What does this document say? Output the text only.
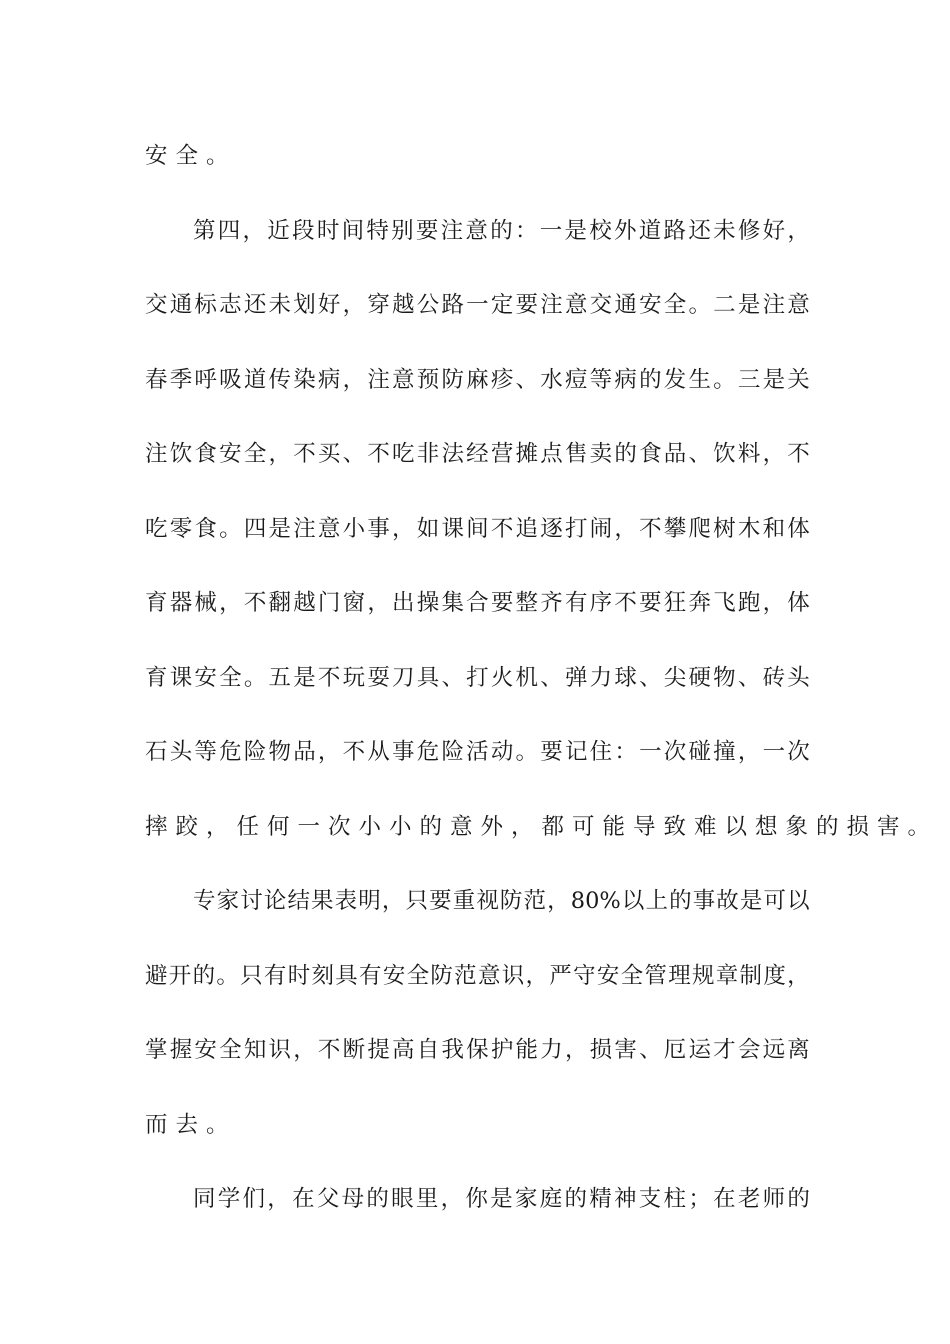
安全。
第 四 ， 近 段 时 间 特 别 要 注 意 的 ： 一 是 校 外 道 路 还 未 修 好 ，
交 通 标 志 还 未 划 好 ， 穿 越 公 路 一 定 要 注 意 交 通 安 全 。 二 是 注 意
春 季 呼 吸 道 传 染 病 ， 注 意 预 防 麻 疹 、 水 痘 等 病 的 发 生 。 三 是 关
注 饮 食 安 全 ， 不 买 、 不 吃 非 法 经 营 摊 点 售 卖 的 食 品 、 饮 料 ， 不
吃 零 食 。 四 是 注 意 小 事 ， 如 课 间 不 追 逐 打 闹 ， 不 攀 爬 树 木 和 体
育 器 械 ， 不 翻 越 门 窗 ， 出 操 集 合 要 整 齐 有 序 不 要 狂 奔 飞 跑 ， 体
育 课 安 全 。 五 是 不 玩 耍 刀 具 、 打 火 机 、 弹 力 球 、 尖 硬 物 、 砖 头
石 头 等 危 险 物 品 ， 不 从 事 危 险 活 动 。 要 记 住 ： 一 次 碰 撞 ， 一 次
摔跤，任何一次小小的意外，都可能导致难以想象的损害。
专 家 讨 论 结 果 表 明 ， 只 要 重 视 防 范 ， 80% 以 上 的 事 故 是 可 以
避 开 的 。 只 有 时 刻 具 有 安 全 防 范 意 识 ， 严 守 安 全 管 理 规 章 制 度 ，
掌 握 安 全 知 识 ， 不 断 提 高 自 我 保 护 能 力 ， 损 害 、 厄 运 才 会 远 离
而去。
同 学 们 ， 在 父 母 的 眼 里 ， 你 是 家 庭 的 精 神 支 柱 ； 在 老 师 的
